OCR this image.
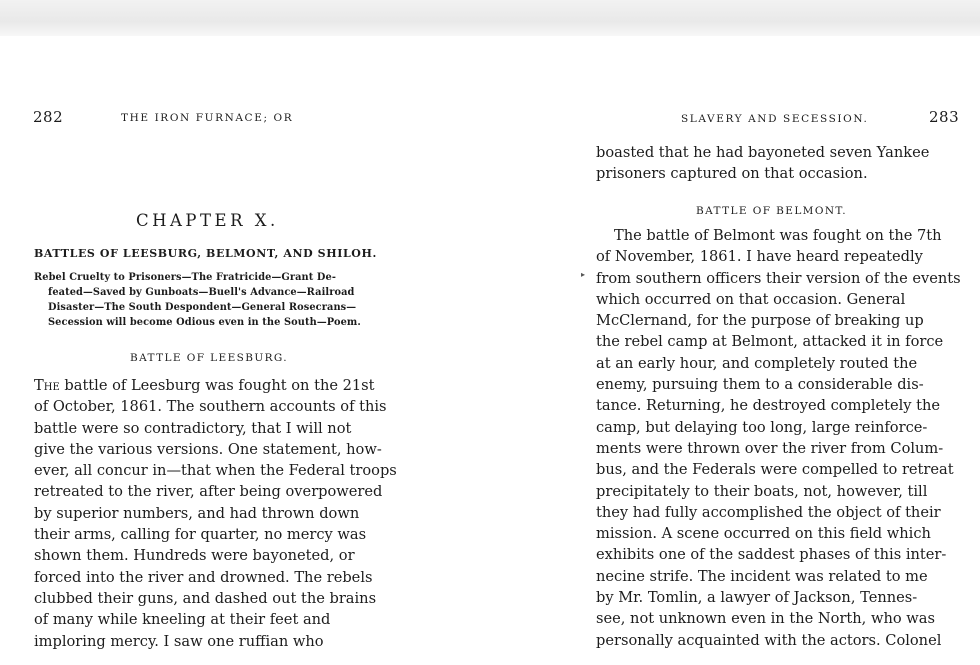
282	THE IRON FURNACE; OR
CHAPTER X.
BATTLES OF LEESBURG, BELMONT, AND SHILOH.
Rebel Cruelty to Prisoners—The Fratricide—Grant De-
feated—Saved by Gunboats—Buell's Advance—Railroad
Disaster—The South Despondent—General Rosecrans—
Secession will become Odious even in the South—Poem.
BATTLE OF LEESBURG.
The battle of Leesburg was fought on the 21st
of October, 1861. The southern accounts of this
battle were so contradictory, that I will not
give the various versions. One statement, how-
ever, all concur in—that when the Federal troops
retreated to the river, after being overpowered
by superior numbers, and had thrown down
their arms, calling for quarter, no mercy was
shown them. Hundreds were bayoneted, or
forced into the river and drowned. The rebels
clubbed their guns, and dashed out the brains
of many while kneeling at their feet and
imploring mercy. I saw one ruffian who
SLAVERY AND SECESSION.	283
boasted that he had bayoneted seven Yankee
prisoners captured on that occasion.
BATTLE OF BELMONT.
▸
The battle of Belmont was fought on the 7th
of November, 1861. I have heard repeatedly
from southern officers their version of the events
which occurred on that occasion. General
McClernand, for the purpose of breaking up
the rebel camp at Belmont, attacked it in force
at an early hour, and completely routed the
enemy, pursuing them to a considerable dis-
tance. Returning, he destroyed completely the
camp, but delaying too long, large reinforce-
ments were thrown over the river from Colum-
bus, and the Federals were compelled to retreat
precipitately to their boats, not, however, till
they had fully accomplished the object of their
mission. A scene occurred on this field which
exhibits one of the saddest phases of this inter-
necine strife. The incident was related to me
by Mr. Tomlin, a lawyer of Jackson, Tennes-
see, not unknown even in the North, who was
personally acquainted with the actors. Colonel
